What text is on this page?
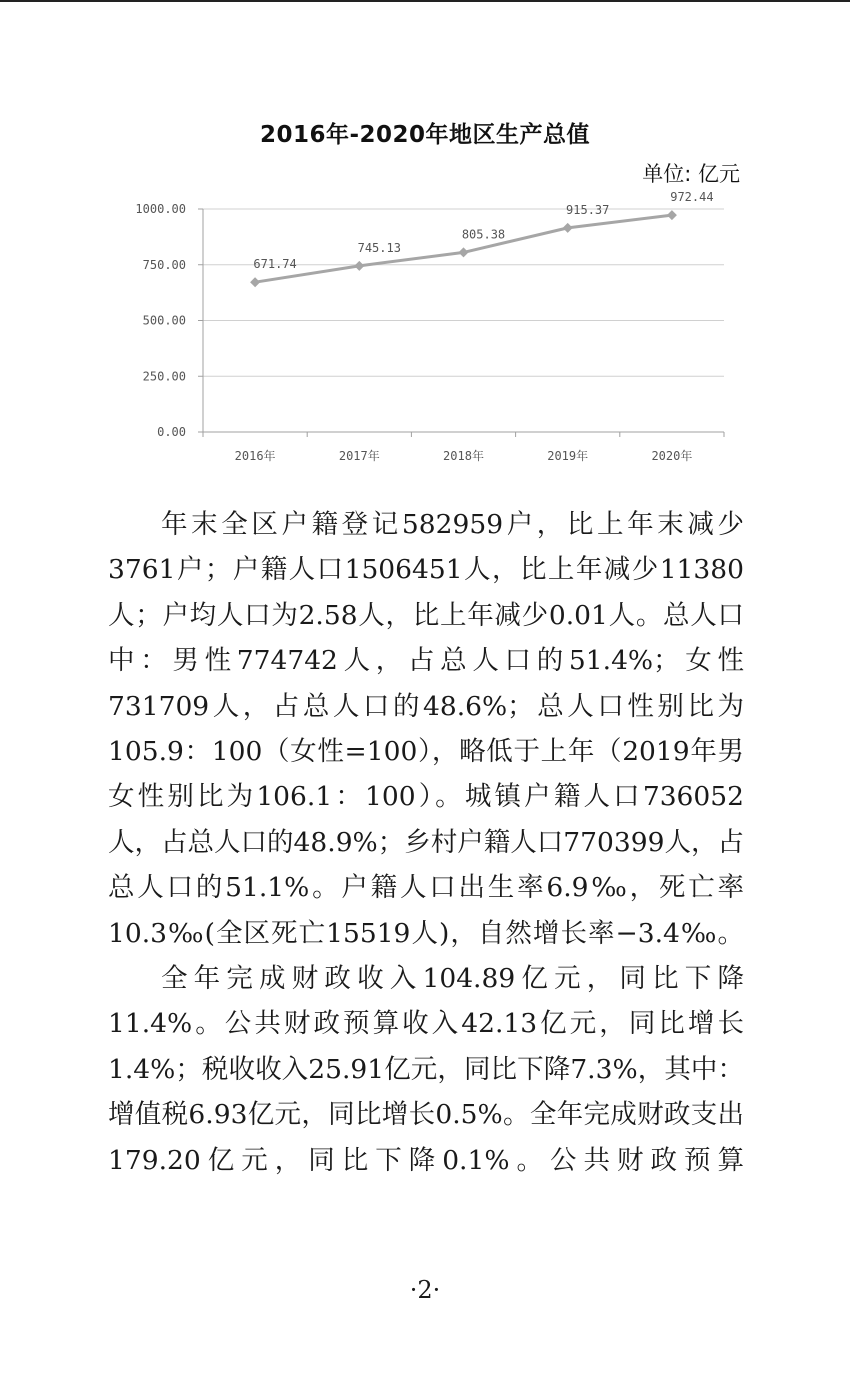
2016年-2020年地区生产总值
单位: 亿元
0.00
250.00
500.00
750.00
1000.00
2016年	2017年	2018年	2019年	2020年
671.74
745.13
805.38
915.37
972.44

年末全区户籍登记582959户，比上年末减少3761户；户籍人口1506451人，比上年减少11380人；户均人口为2.58人，比上年减少0.01人。总人口中：男性774742人，占总人口的51.4%；女性731709人，占总人口的48.6%；总人口性别比为105.9：100（女性=100），略低于上年（2019年男女性别比为106.1：100）。城镇户籍人口736052人，占总人口的48.9%；乡村户籍人口770399人，占总人口的51.1%。户籍人口出生率6.9‰，死亡率10.3‰(全区死亡15519人)，自然增长率−3.4‰。

全年完成财政收入104.89亿元，同比下降11.4%。公共财政预算收入42.13亿元，同比增长1.4%；税收收入25.91亿元，同比下降7.3%，其中：增值税6.93亿元，同比增长0.5%。全年完成财政支出179.20亿元，同比下降0.1%。公共财政预算

·2·
